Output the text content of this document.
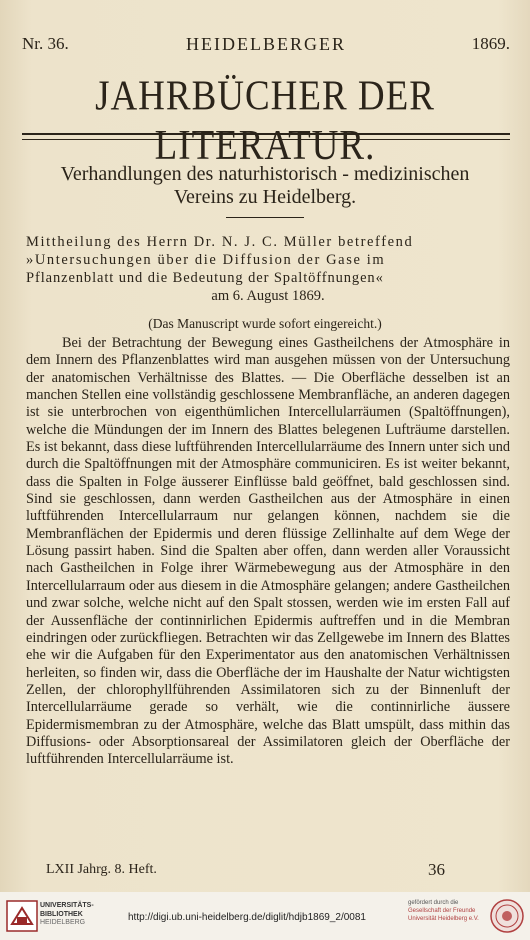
Nr. 36.	HEIDELBERGER	1869.
JAHRBÜCHER DER LITERATUR.
Verhandlungen des naturhistorisch - medizinischen
Vereins zu Heidelberg.
Mittheilung des Herrn Dr. N. J. C. Müller betreffend
»Untersuchungen über die Diffusion der Gase im
Pflanzenblatt und die Bedeutung der Spaltöffnungen«
am 6. August 1869.
(Das Manuscript wurde sofort eingereicht.)
Bei der Betrachtung der Bewegung eines Gastheilchens der Atmosphäre in dem Innern des Pflanzenblattes wird man ausgehen müssen von der Untersuchung der anatomischen Verhältnisse des Blattes. — Die Oberfläche desselben ist an manchen Stellen eine vollständig geschlossene Membranfläche, an anderen dagegen ist sie unterbrochen von eigenthümlichen Intercellularräumen (Spaltöffnungen), welche die Mündungen der im Innern des Blattes belegenen Lufträume darstellen. Es ist bekannt, dass diese luftführenden Intercellularräume des Innern unter sich und durch die Spaltöffnungen mit der Atmosphäre communiciren. Es ist weiter bekannt, dass die Spalten in Folge äusserer Einflüsse bald geöffnet, bald geschlossen sind. Sind sie geschlossen, dann werden Gastheilchen aus der Atmosphäre in einen luftführenden Intercellularraum nur gelangen können, nachdem sie die Membranflächen der Epidermis und deren flüssige Zellinhalte auf dem Wege der Lösung passirt haben. Sind die Spalten aber offen, dann werden aller Voraussicht nach Gastheilchen in Folge ihrer Wärmebewegung aus der Atmosphäre in den Intercellularraum oder aus diesem in die Atmosphäre gelangen; andere Gastheilchen und zwar solche, welche nicht auf den Spalt stossen, werden wie im ersten Fall auf der Aussenfläche der continnirlichen Epidermis auftreffen und in die Membran eindringen oder zurückfliegen. Betrachten wir das Zellgewebe im Innern des Blattes ehe wir die Aufgaben für den Experimentator aus den anatomischen Verhältnissen herleiten, so finden wir, dass die Oberfläche der im Haushalte der Natur wichtigsten Zellen, der chlorophyllführenden Assimilatoren sich zu der Binnenluft der Intercellularräume gerade so verhält, wie die continnirliche äussere Epidermismembran zu der Atmosphäre, welche das Blatt umspült, dass mithin das Diffusions- oder Absorptionsareal der Assimilatoren gleich der Oberfläche der luftführenden Intercellularräume ist.
LXII Jahrg. 8. Heft.	36
UNIVERSITÄTS-
BIBLIOTHEK
HEIDELBERG	http://digi.ub.uni-heidelberg.de/diglit/hdjb1869_2/0081
gefördert durch die
Gesellschaft der Freunde
Universität Heidelberg e.V.
